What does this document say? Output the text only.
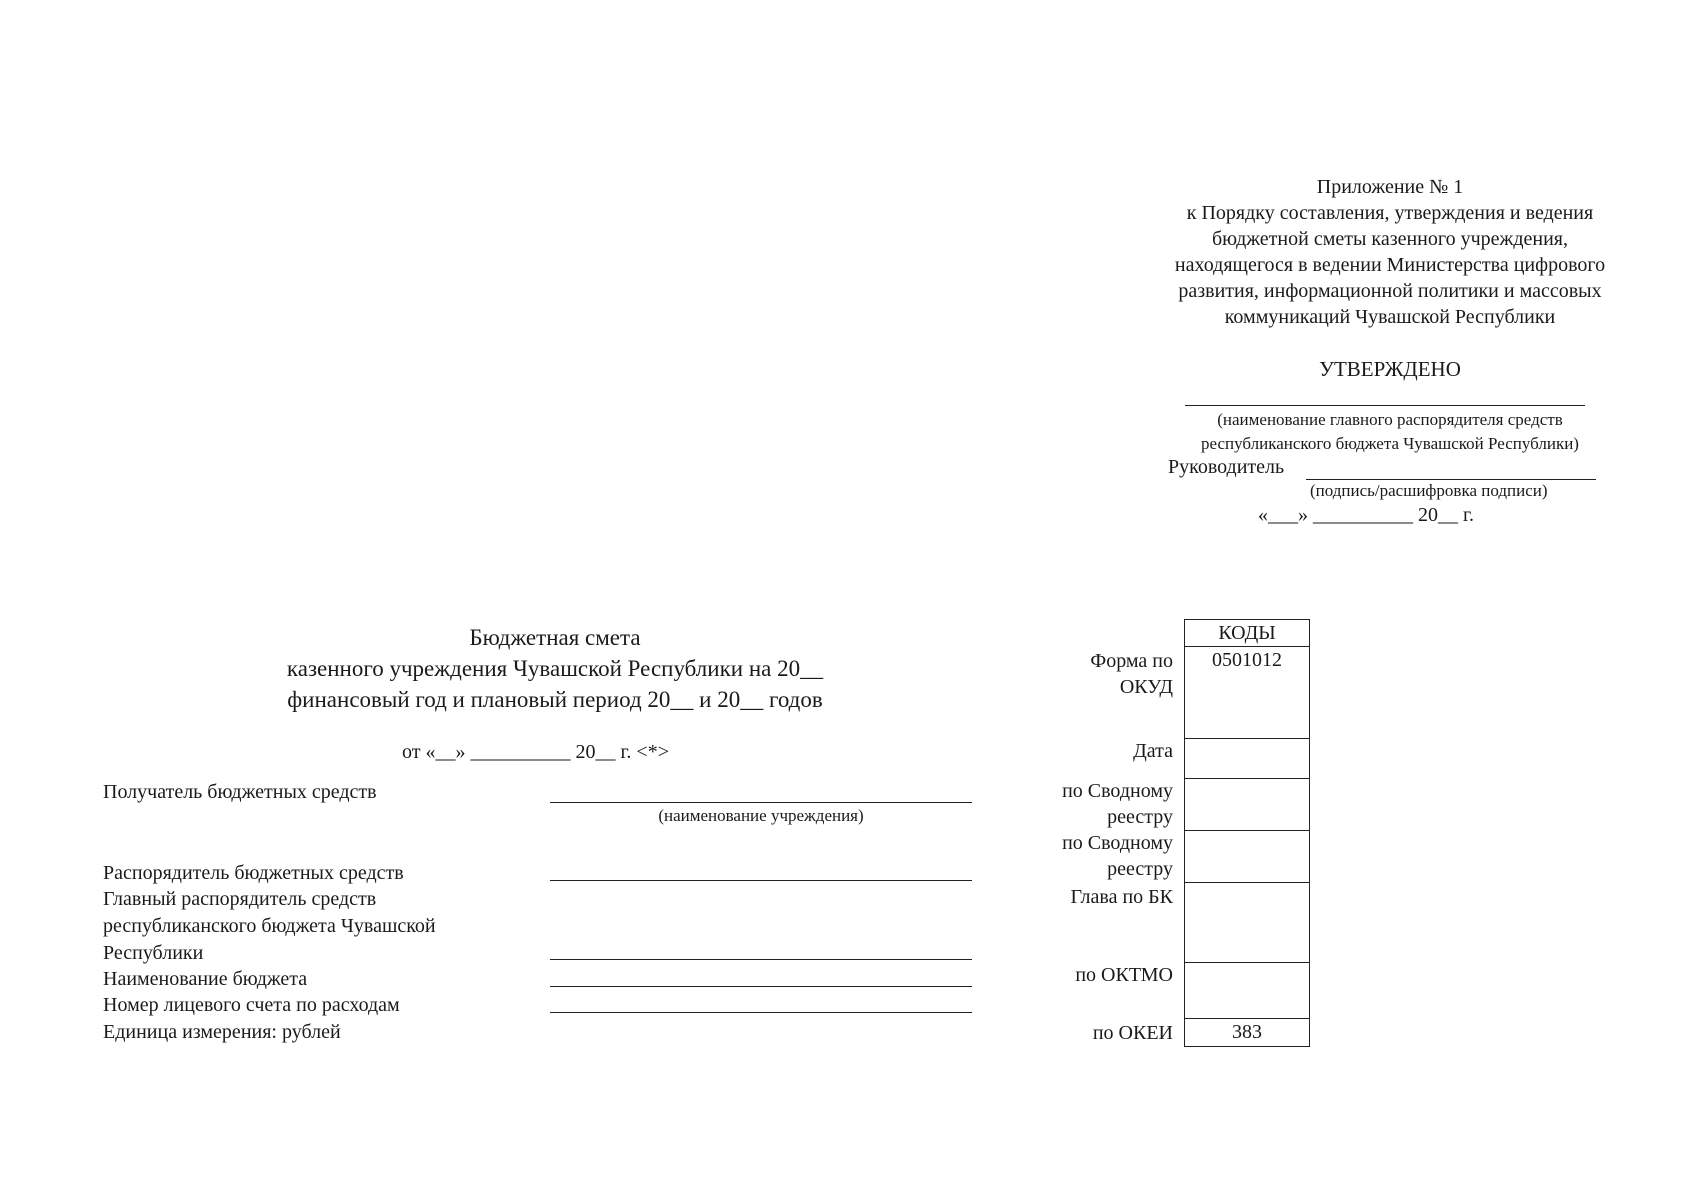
Приложение № 1
к Порядку составления, утверждения и ведения
бюджетной сметы казенного учреждения,
находящегося в ведении Министерства цифрового
развития, информационной политики и массовых
коммуникаций Чувашской Республики
УТВЕРЖДЕНО
(наименование главного распорядителя средств
республиканского бюджета Чувашской Республики)
Руководитель
(подпись/расшифровка подписи)
«___» __________ 20__ г.
Бюджетная смета
казенного учреждения Чувашской Республики на 20__
финансовый год и плановый период 20__ и 20__ годов
от «__» __________ 20__ г. <*>
Получатель бюджетных средств
(наименование учреждения)
Распорядитель бюджетных средств
Главный распорядитель средств
республиканского бюджета Чувашской
Республики
Наименование бюджета
Номер лицевого счета по расходам
Единица измерения: рублей
Форма по
ОКУД
Дата
по Сводному
реестру
по Сводному
реестру
Глава по БК
по ОКТМО
по ОКЕИ
КОДЫ
0501012
383
